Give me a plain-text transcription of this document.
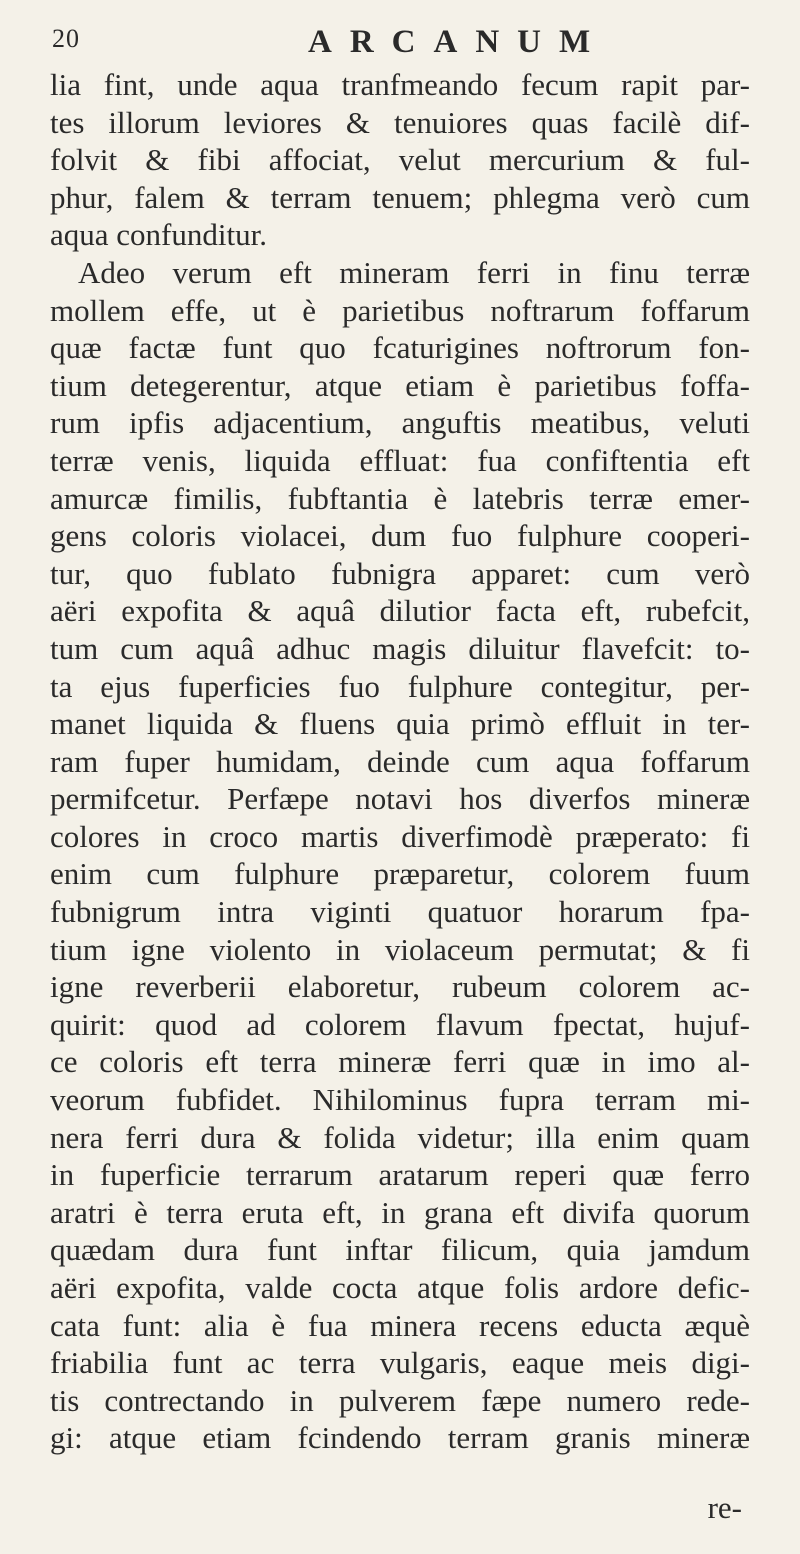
20	ARCANUM
lia fint, unde aqua tranfmeando fecum rapit par-
tes illorum leviores & tenuiores quas facilè dif-
folvit & fibi affociat, velut mercurium & ful-
phur, falem & terram tenuem; phlegma verò cum
aqua confunditur.
Adeo verum eft mineram ferri in finu terræ
mollem effe, ut è parietibus noftrarum foffarum
quæ factæ funt quo fcaturigines noftrorum fon-
tium detegerentur, atque etiam è parietibus foffa-
rum ipfis adjacentium, anguftis meatibus, veluti
terræ venis, liquida effluat: fua confiftentia eft
amurcæ fimilis, fubftantia è latebris terræ emer-
gens coloris violacei, dum fuo fulphure cooperi-
tur, quo fublato fubnigra apparet: cum verò
aëri expofita & aquâ dilutior facta eft, rubefcit,
tum cum aquâ adhuc magis diluitur flavefcit: to-
ta ejus fuperficies fuo fulphure contegitur, per-
manet liquida & fluens quia primò effluit in ter-
ram fuper humidam, deinde cum aqua foffarum
permifcetur. Perfæpe notavi hos diverfos mineræ
colores in croco martis diverfimodè præperato: fi
enim cum fulphure præparetur, colorem fuum
fubnigrum intra viginti quatuor horarum fpa-
tium igne violento in violaceum permutat; & fi
igne reverberii elaboretur, rubeum colorem ac-
quirit: quod ad colorem flavum fpectat, hujuf-
ce coloris eft terra mineræ ferri quæ in imo al-
veorum fubfidet. Nihilominus fupra terram mi-
nera ferri dura & folida videtur; illa enim quam
in fuperficie terrarum aratarum reperi quæ ferro
aratri è terra eruta eft, in grana eft divifa quorum
quædam dura funt inftar filicum, quia jamdum
aëri expofita, valde cocta atque folis ardore defic-
cata funt: alia è fua minera recens educta æquè
friabilia funt ac terra vulgaris, eaque meis digi-
tis contrectando in pulverem fæpe numero rede-
gi: atque etiam fcindendo terram granis mineræ
re-
